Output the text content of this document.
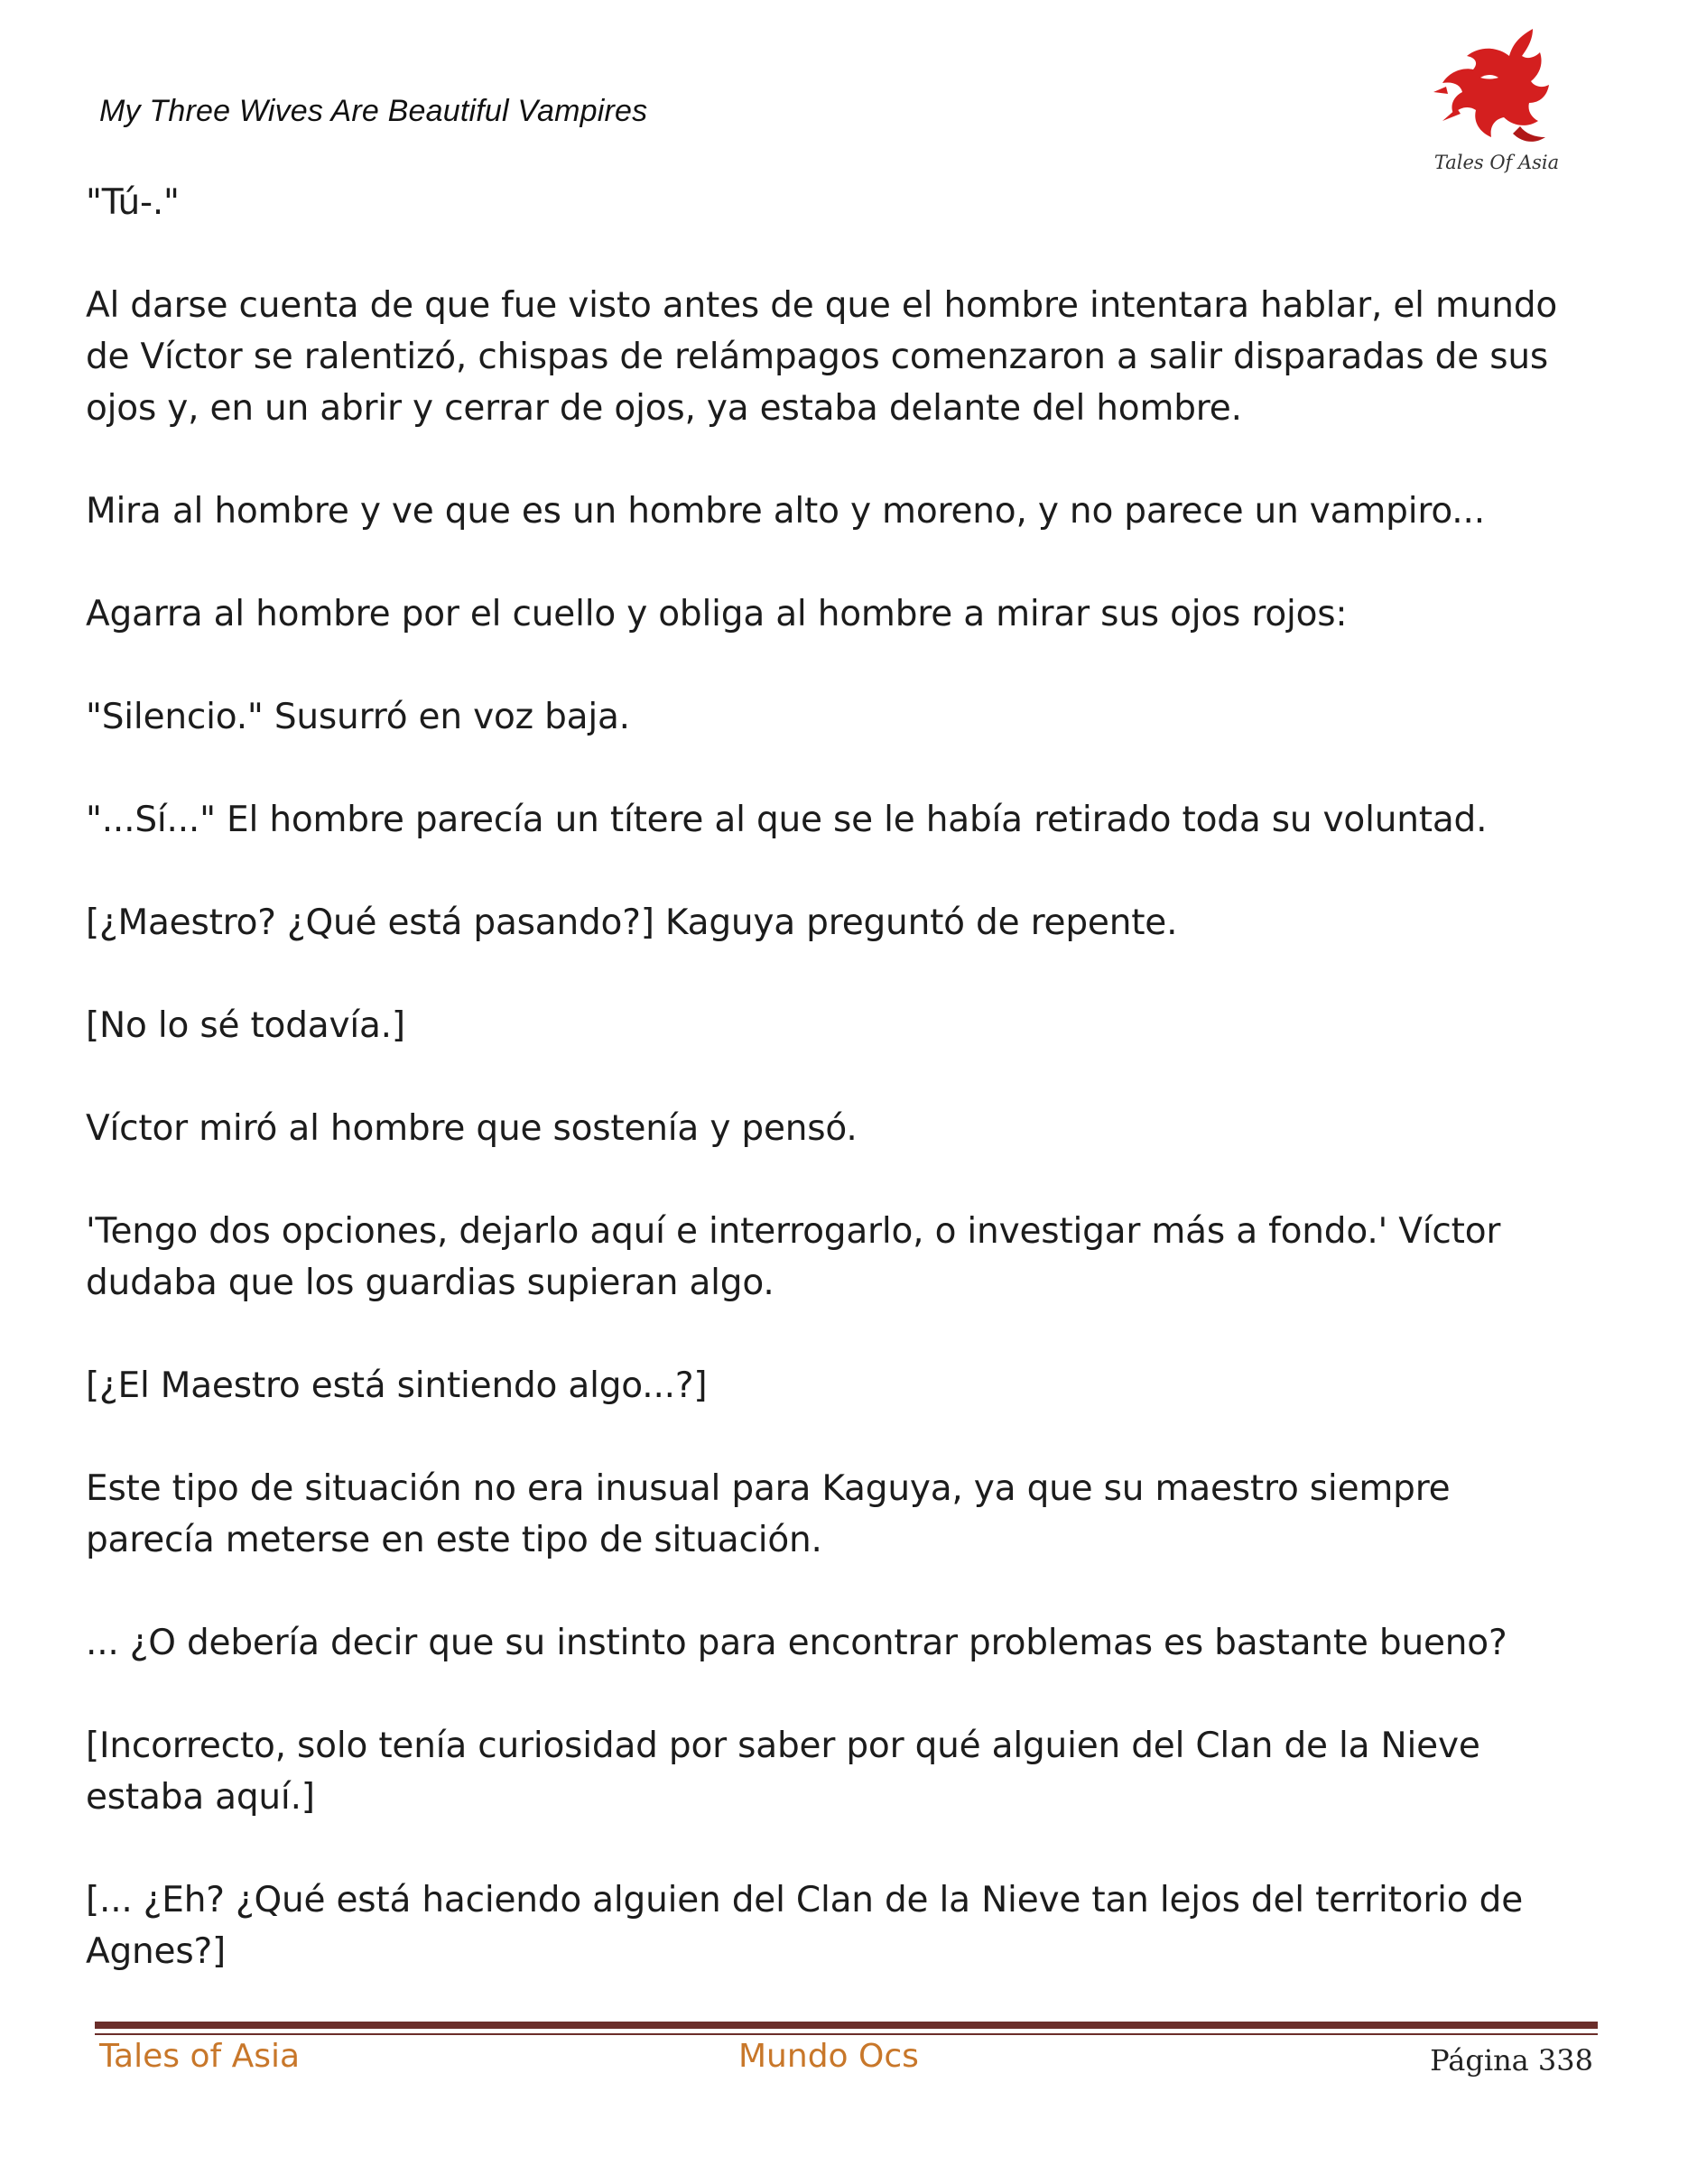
My Three Wives Are Beautiful Vampires
Tales Of Asia

"Tú-."

Al darse cuenta de que fue visto antes de que el hombre intentara hablar, el mundo de Víctor se ralentizó, chispas de relámpagos comenzaron a salir disparadas de sus ojos y, en un abrir y cerrar de ojos, ya estaba delante del hombre.

Mira al hombre y ve que es un hombre alto y moreno, y no parece un vampiro...

Agarra al hombre por el cuello y obliga al hombre a mirar sus ojos rojos:

"Silencio." Susurró en voz baja.

"...Sí..." El hombre parecía un títere al que se le había retirado toda su voluntad.

[¿Maestro? ¿Qué está pasando?] Kaguya preguntó de repente.

[No lo sé todavía.]

Víctor miró al hombre que sostenía y pensó.

'Tengo dos opciones, dejarlo aquí e interrogarlo, o investigar más a fondo.' Víctor dudaba que los guardias supieran algo.

[¿El Maestro está sintiendo algo...?]

Este tipo de situación no era inusual para Kaguya, ya que su maestro siempre parecía meterse en este tipo de situación.

... ¿O debería decir que su instinto para encontrar problemas es bastante bueno?

[Incorrecto, solo tenía curiosidad por saber por qué alguien del Clan de la Nieve estaba aquí.]

[... ¿Eh? ¿Qué está haciendo alguien del Clan de la Nieve tan lejos del territorio de Agnes?]

Tales of Asia	Mundo Ocs	Página 338
